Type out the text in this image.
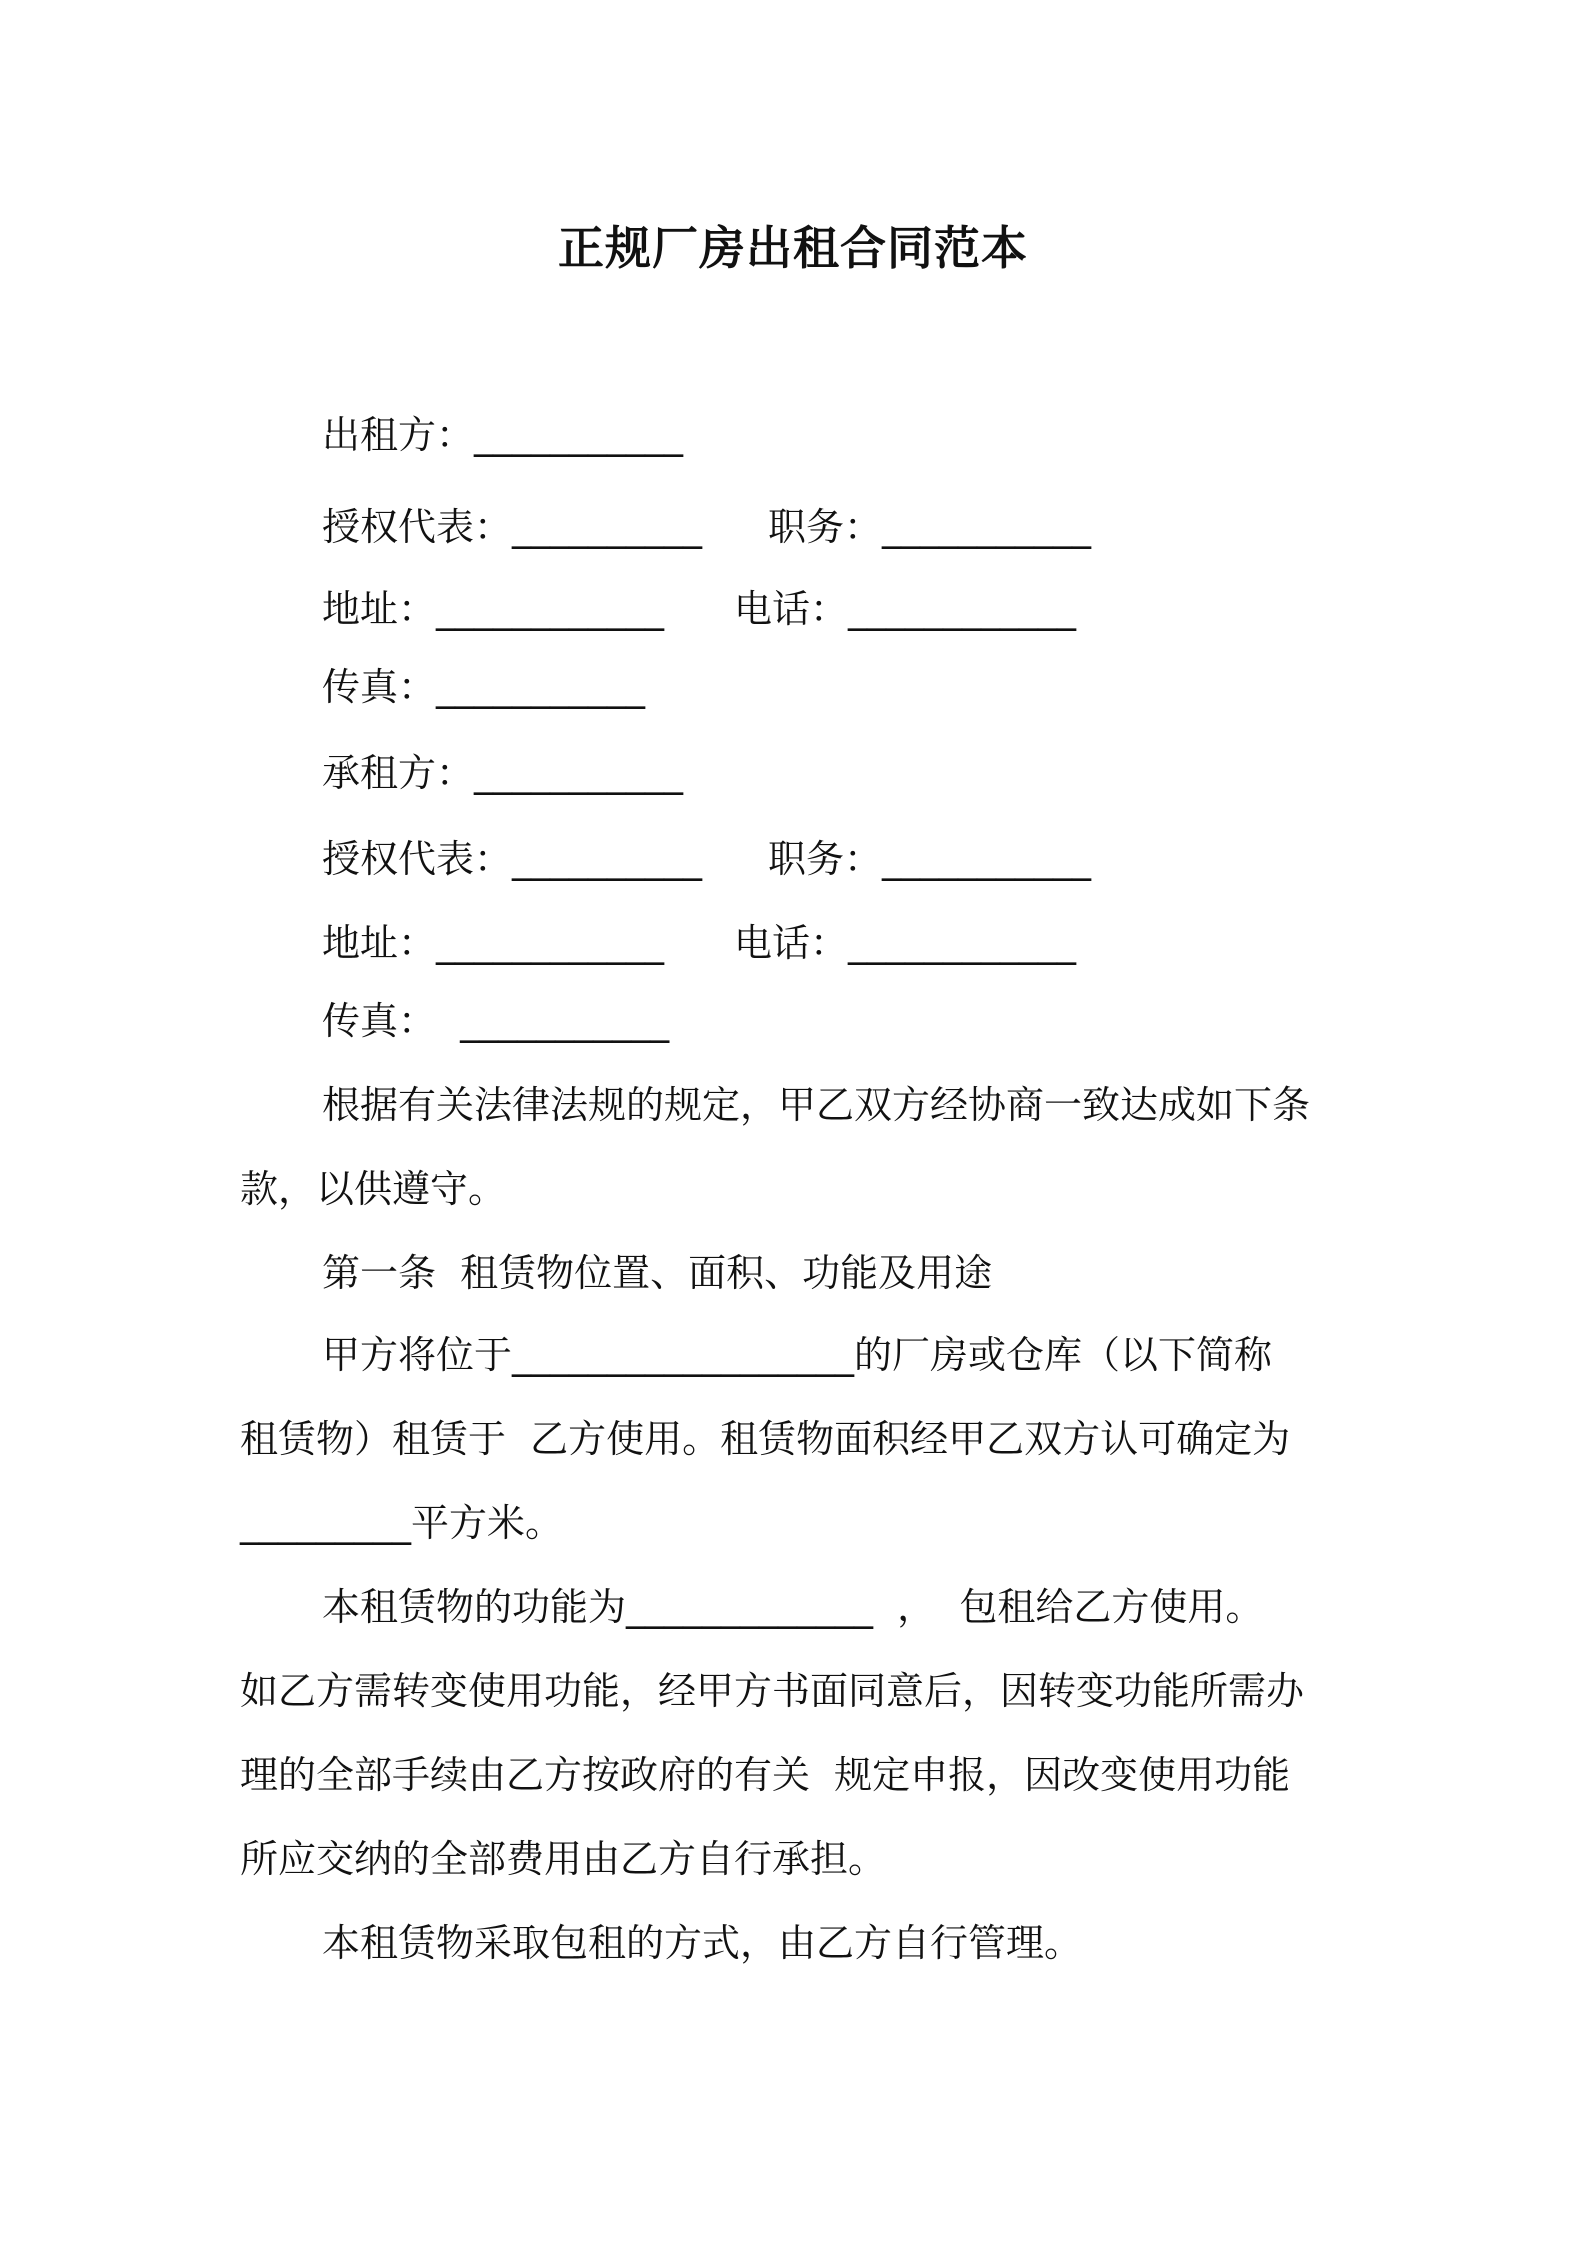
正规厂房出租合同范本
出租方：___________
授权代表：__________ 职务：___________
地址：____________ 电话：____________
传真：___________
承租方：___________
授权代表：__________ 职务：___________
地址：____________ 电话：____________
传真：  ___________
根据有关法律法规的规定，甲乙双方经协商一致达成如下条
款，以供遵守。
第一条  租赁物位置、面积、功能及用途
甲方将位于__________________的厂房或仓库（以下简称
租赁物）租赁于  乙方使用。租赁物面积经甲乙双方认可确定为
_________平方米。
本租赁物的功能为_____________  ，  包租给乙方使用。
如乙方需转变使用功能，经甲方书面同意后，因转变功能所需办
理的全部手续由乙方按政府的有关  规定申报，因改变使用功能
所应交纳的全部费用由乙方自行承担。
本租赁物采取包租的方式，由乙方自行管理。
